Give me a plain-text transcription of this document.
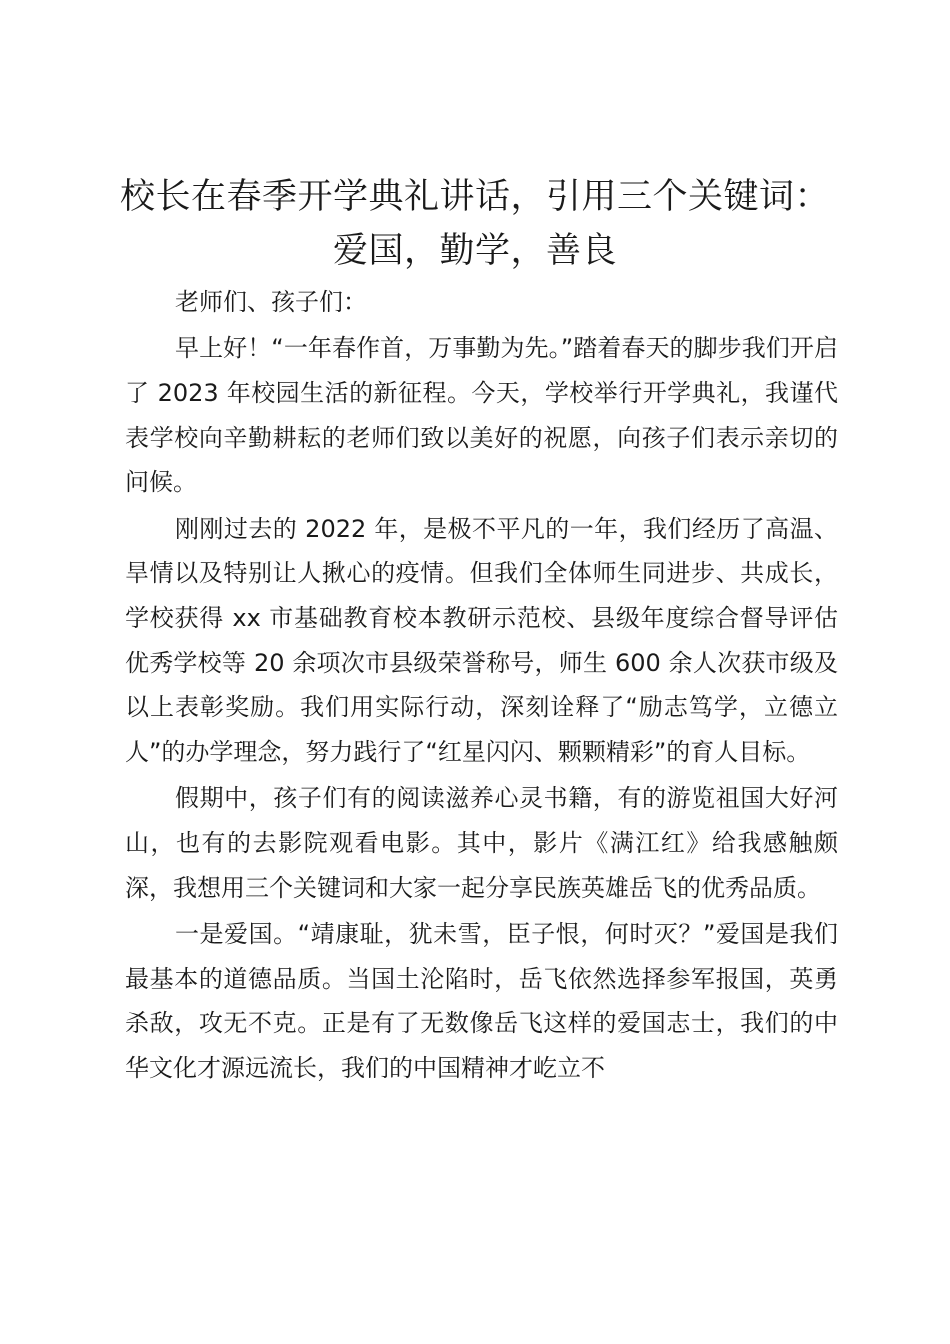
校长在春季开学典礼讲话，引用三个关键词：
爱国，勤学，善良

老师们、孩子们：

早上好！“一年春作首，万事勤为先。”踏着春天的脚步我们开启了 2023 年校园生活的新征程。今天，学校举行开学典礼，我谨代表学校向辛勤耕耘的老师们致以美好的祝愿，向孩子们表示亲切的问候。

刚刚过去的 2022 年，是极不平凡的一年，我们经历了高温、旱情以及特别让人揪心的疫情。但我们全体师生同进步、共成长，学校获得 xx 市基础教育校本教研示范校、县级年度综合督导评估优秀学校等 20 余项次市县级荣誉称号，师生 600 余人次获市级及以上表彰奖励。我们用实际行动，深刻诠释了“励志笃学，立德立人”的办学理念，努力践行了“红星闪闪、颗颗精彩”的育人目标。

假期中，孩子们有的阅读滋养心灵书籍，有的游览祖国大好河山，也有的去影院观看电影。其中，影片《满江红》给我感触颇深，我想用三个关键词和大家一起分享民族英雄岳飞的优秀品质。

一是爱国。“靖康耻，犹未雪，臣子恨，何时灭？”爱国是我们最基本的道德品质。当国土沦陷时，岳飞依然选择参军报国，英勇杀敌，攻无不克。正是有了无数像岳飞这样的爱国志士，我们的中华文化才源远流长，我们的中国精神才屹立不
